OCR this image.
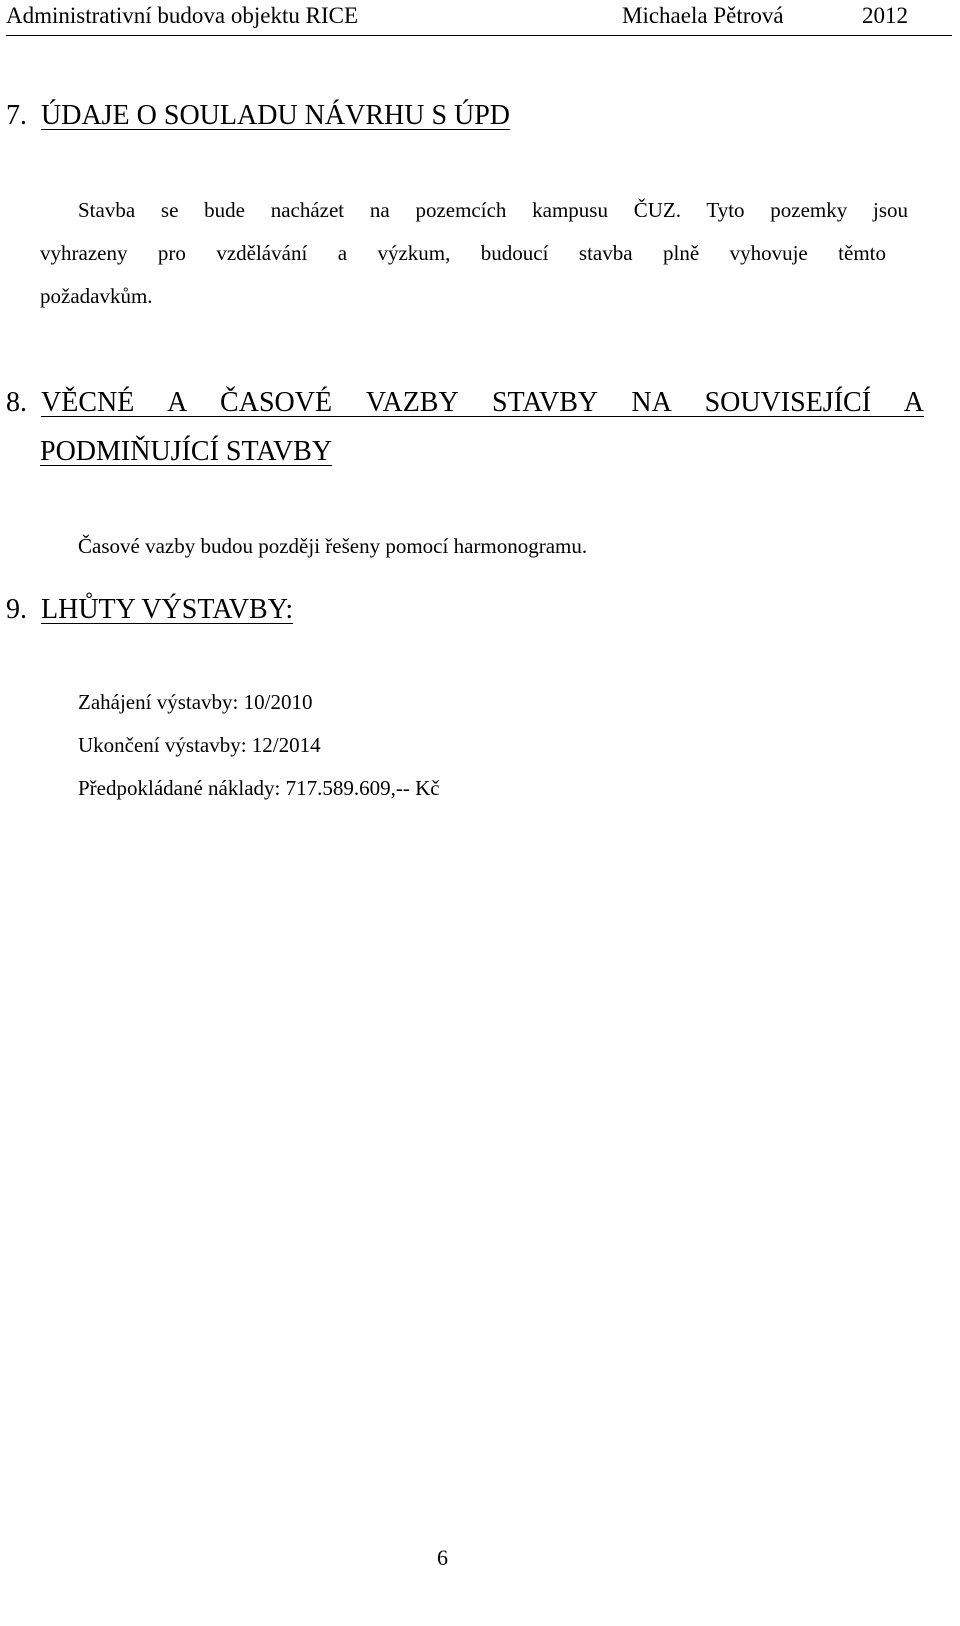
Administrativní budova objektu RICE	Michaela Pětrová	2012
7. ÚDAJE O SOULADU NÁVRHU S ÚPD
Stavba se bude nacházet na pozemcích kampusu ČUZ. Tyto pozemky jsou
vyhrazeny pro vzdělávání a výzkum, budoucí stavba plně vyhovuje těmto
požadavkům.
8. VĚCNÉ A ČASOVÉ VAZBY STAVBY NA SOUVISEJÍCÍ A
PODMIŇUJÍCÍ STAVBY
Časové vazby budou později řešeny pomocí harmonogramu.
9. LHŮTY VÝSTAVBY:
Zahájení výstavby: 10/2010
Ukončení výstavby: 12/2014
Předpokládané náklady: 717.589.609,-- Kč
6
